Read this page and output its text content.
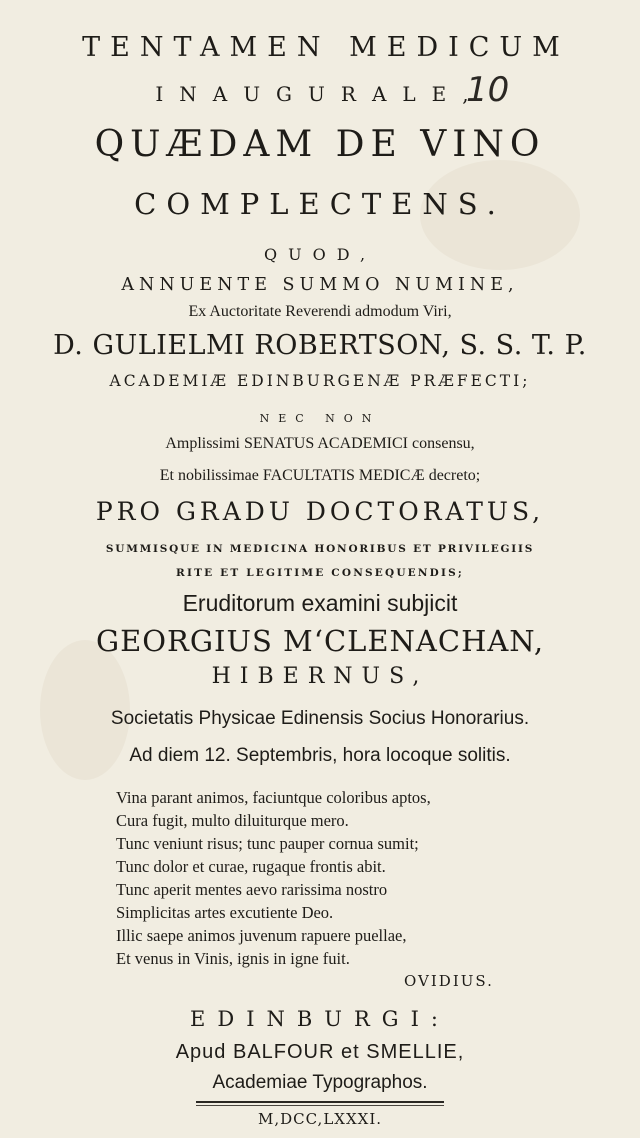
TENTAMEN MEDICUM
INAUGURALE,
10
QUÆDAM DE VINO
COMPLECTENS.
QUOD,
ANNUENTE SUMMO NUMINE,
Ex Auctoritate Reverendi admodum Viri,
D. GULIELMI ROBERTSON, S. S. T. P.
ACADEMIÆ EDINBURGENÆ PRÆFECTI;
NEC NON
Amplissimi SENATUS ACADEMICI consensu,
Et nobilissimae FACULTATIS MEDICÆ decreto;
PRO GRADU DOCTORATUS,
SUMMISQUE IN MEDICINA HONORIBUS ET PRIVILEGIIS
RITE ET LEGITIME CONSEQUENDIS;
Eruditorum examini subjicit
GEORGIUS M‘CLENACHAN,
HIBERNUS,
Societatis Physicae Edinensis Socius Honorarius.
Ad diem 12. Septembris, hora locoque solitis.
Vina parant animos, faciuntque coloribus aptos,
Cura fugit, multo diluiturque mero.
Tunc veniunt risus; tunc pauper cornua sumit;
Tunc dolor et curae, rugaque frontis abit.
Tunc aperit mentes aevo rarissima nostro
Simplicitas artes excutiente Deo.
Illic saepe animos juvenum rapuere puellae,
Et venus in Vinis, ignis in igne fuit.
OVIDIUS.
EDINBURGI:
Apud BALFOUR et SMELLIE,
Academiae Typographos.
M,DCC,LXXXI.
